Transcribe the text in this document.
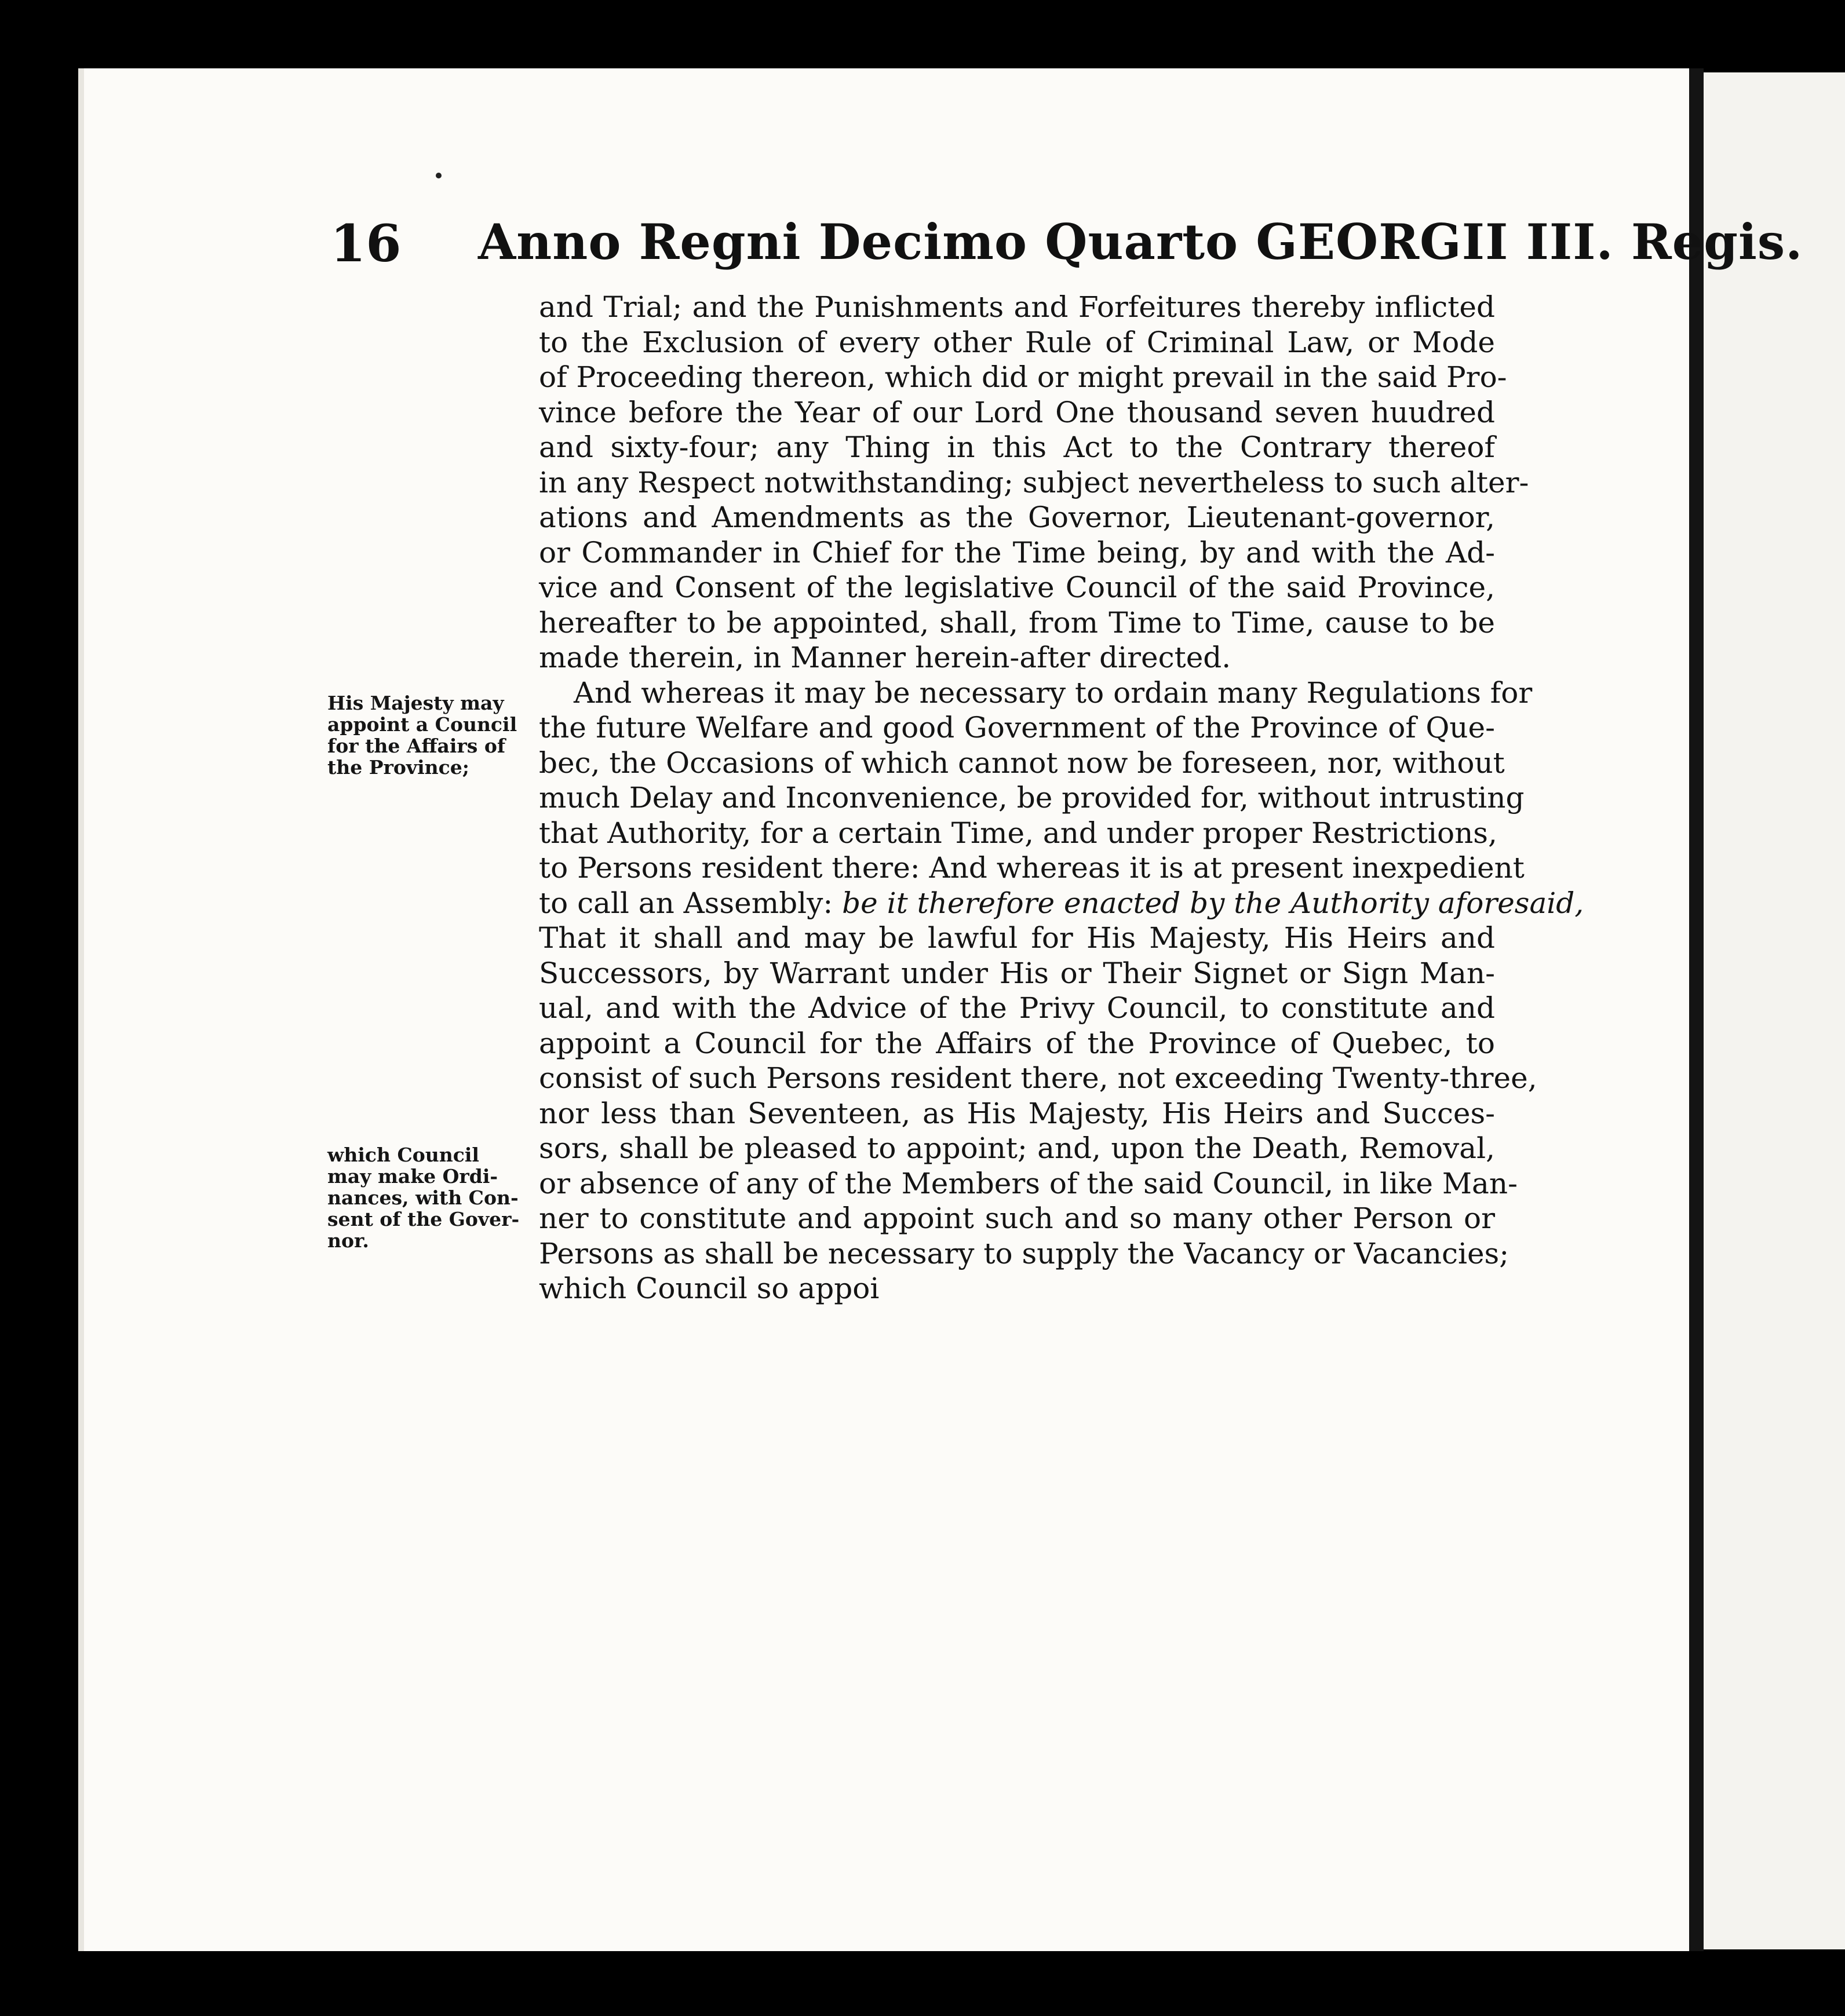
16 Anno Regni Decimo Quarto GEORGII III. Regis.
His Majesty may
appoint a Council
for the Affairs of
the Province;
which Council
may make Ordi-
nances, with Con-
sent of the Gover-
nor.
and Trial; and the Punishments and Forfeitures thereby inflicted
to the Exclusion of every other Rule of Criminal Law, or Mode
of Proceeding thereon, which did or might prevail in the said Pro-
vince before the Year of our Lord One thousand seven huudred
and sixty-four; any Thing in this Act to the Contrary thereof
in any Respect notwithstanding; subject nevertheless to such alter-
ations and Amendments as the Governor, Lieutenant-governor,
or Commander in Chief for the Time being, by and with the Ad-
vice and Consent of the legislative Council of the said Province,
hereafter to be appointed, shall, from Time to Time, cause to be
made therein, in Manner herein-after directed.
And whereas it may be necessary to ordain many Regulations for
the future Welfare and good Government of the Province of Que-
bec, the Occasions of which cannot now be foreseen, nor, without
much Delay and Inconvenience, be provided for, without intrusting
that Authority, for a certain Time, and under proper Restrictions,
to Persons resident there: And whereas it is at present inexpedient
to call an Assembly: be it therefore enacted by the Authority aforesaid,
That it shall and may be lawful for His Majesty, His Heirs and
Successors, by Warrant under His or Their Signet or Sign Man-
ual, and with the Advice of the Privy Council, to constitute and
appoint a Council for the Affairs of the Province of Quebec, to
consist of such Persons resident there, not exceeding Twenty-three,
nor less than Seventeen, as His Majesty, His Heirs and Succes-
sors, shall be pleased to appoint; and, upon the Death, Removal,
or absence of any of the Members of the said Council, in like Man-
ner to constitute and appoint such and so many other Person or
Persons as shall be necessary to supply the Vacancy or Vacancies;
which Council so appoi
